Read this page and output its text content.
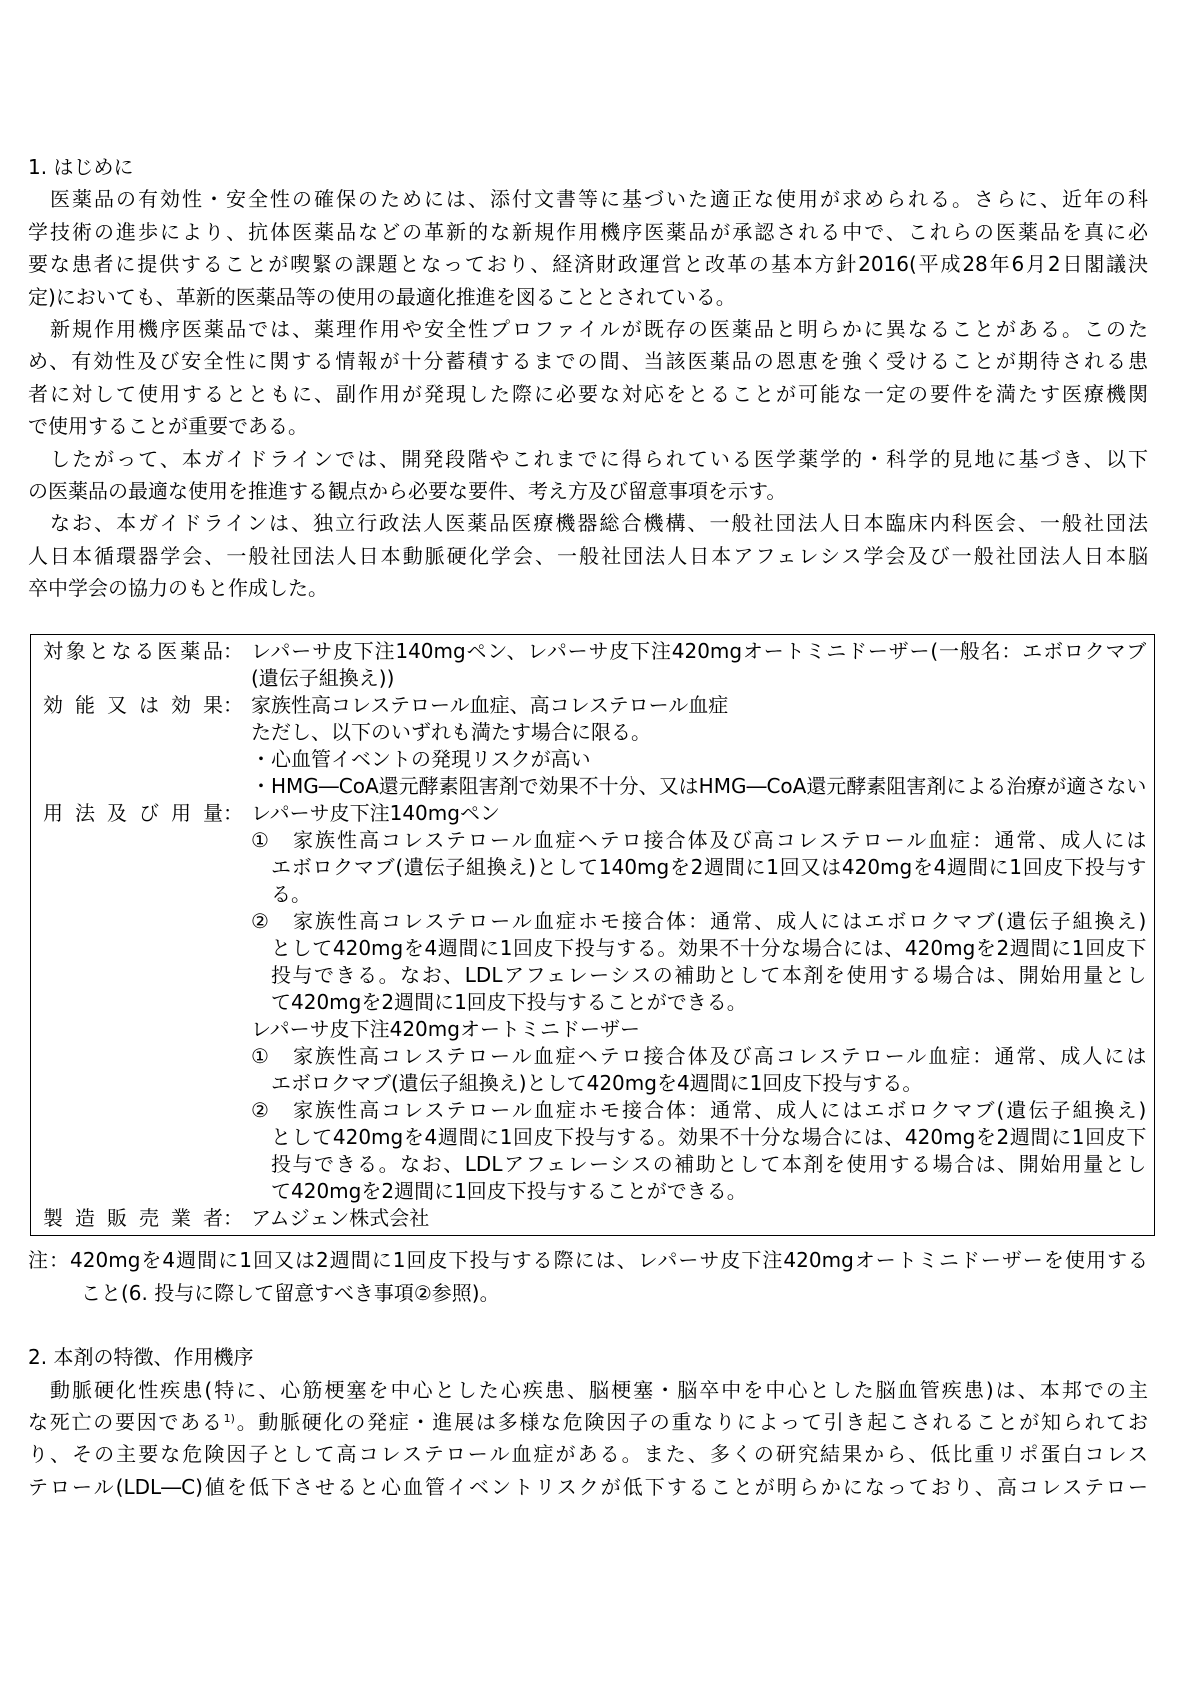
1. はじめに
　医薬品の有効性・安全性の確保のためには、添付文書等に基づいた適正な使用が求められる。さらに、近年の科
学技術の進歩により、抗体医薬品などの革新的な新規作用機序医薬品が承認される中で、これらの医薬品を真に必
要な患者に提供することが喫緊の課題となっており、経済財政運営と改革の基本方針2016(平成28年6月2日閣議決
定)においても、革新的医薬品等の使用の最適化推進を図ることとされている。
　新規作用機序医薬品では、薬理作用や安全性プロファイルが既存の医薬品と明らかに異なることがある。このた
め、有効性及び安全性に関する情報が十分蓄積するまでの間、当該医薬品の恩恵を強く受けることが期待される患
者に対して使用するとともに、副作用が発現した際に必要な対応をとることが可能な一定の要件を満たす医療機関
で使用することが重要である。
　したがって、本ガイドラインでは、開発段階やこれまでに得られている医学薬学的・科学的見地に基づき、以下
の医薬品の最適な使用を推進する観点から必要な要件、考え方及び留意事項を示す。
　なお、本ガイドラインは、独立行政法人医薬品医療機器総合機構、一般社団法人日本臨床内科医会、一般社団法
人日本循環器学会、一般社団法人日本動脈硬化学会、一般社団法人日本アフェレシス学会及び一般社団法人日本脳
卒中学会の協力のもと作成した。
対象となる医薬品 ： レパーサ皮下注140mgペン、レパーサ皮下注420mgオートミニドーザー(一般名：エボロクマブ
(遺伝子組換え))
効能又は効果 ： 家族性高コレステロール血症、高コレステロール血症
ただし、以下のいずれも満たす場合に限る。
・心血管イベントの発現リスクが高い
・HMG―CoA還元酵素阻害剤で効果不十分、又はHMG―CoA還元酵素阻害剤による治療が適さない
用法及び用量 ： レパーサ皮下注140mgペン
①　家族性高コレステロール血症ヘテロ接合体及び高コレステロール血症：通常、成人には
エボロクマブ(遺伝子組換え)として140mgを2週間に1回又は420mgを4週間に1回皮下投与す
る。
②　家族性高コレステロール血症ホモ接合体：通常、成人にはエボロクマブ(遺伝子組換え)
として420mgを4週間に1回皮下投与する。効果不十分な場合には、420mgを2週間に1回皮下
投与できる。なお、LDLアフェレーシスの補助として本剤を使用する場合は、開始用量とし
て420mgを2週間に1回皮下投与することができる。
レパーサ皮下注420mgオートミニドーザー
①　家族性高コレステロール血症ヘテロ接合体及び高コレステロール血症：通常、成人には
エボロクマブ(遺伝子組換え)として420mgを4週間に1回皮下投与する。
②　家族性高コレステロール血症ホモ接合体：通常、成人にはエボロクマブ(遺伝子組換え)
として420mgを4週間に1回皮下投与する。効果不十分な場合には、420mgを2週間に1回皮下
投与できる。なお、LDLアフェレーシスの補助として本剤を使用する場合は、開始用量とし
て420mgを2週間に1回皮下投与することができる。
製造販売業者 ： アムジェン株式会社
注：420mgを4週間に1回又は2週間に1回皮下投与する際には、レパーサ皮下注420mgオートミニドーザーを使用する
こと(6. 投与に際して留意すべき事項②参照)。
2. 本剤の特徴、作用機序
　動脈硬化性疾患(特に、心筋梗塞を中心とした心疾患、脳梗塞・脳卒中を中心とした脳血管疾患)は、本邦での主
な死亡の要因である$^{1)}$。動脈硬化の発症・進展は多様な危険因子の重なりによって引き起こされることが知られてお
り、その主要な危険因子として高コレステロール血症がある。また、多くの研究結果から、低比重リポ蛋白コレス
テロール(LDL―C)値を低下させると心血管イベントリスクが低下することが明らかになっており、高コレステロー
